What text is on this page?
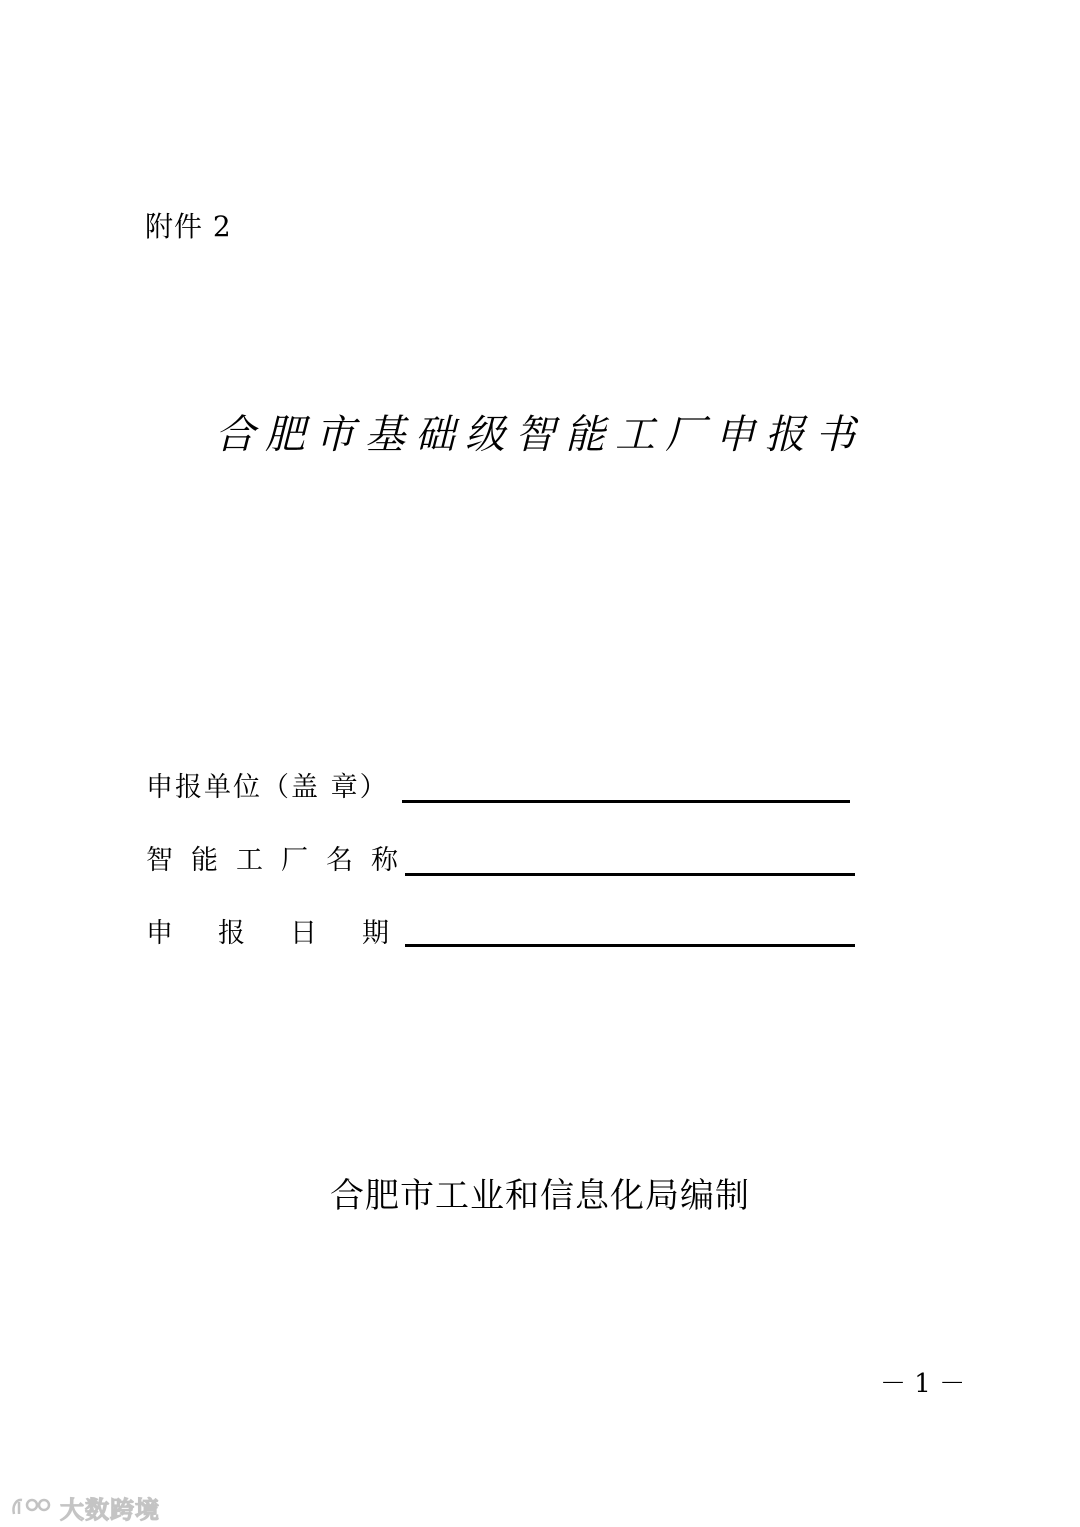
附件 2
合肥市基础级智能工厂申报书
申报单位（盖 章）
智能工厂名称
申报日期
合肥市工业和信息化局编制
－ 1 －
大数跨境
